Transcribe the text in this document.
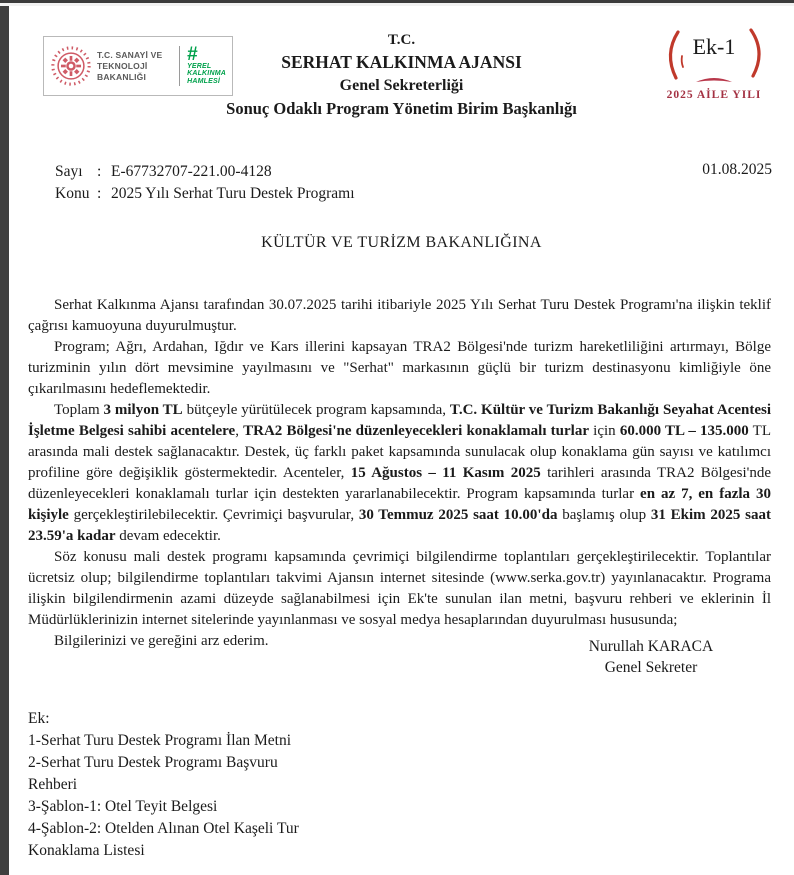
T.C. SANAYİ VE
TEKNOLOJİ BAKANLIĞI
#
YEREL
KALKINMA
HAMLESİ
T.C.
SERHAT KALKINMA AJANSI
Genel Sekreterliği
Sonuç Odaklı Program Yönetim Birim Başkanlığı
Ek-1
2025 AİLE YILI
Sayı : E-67732707-221.00-4128
Konu : 2025 Yılı Serhat Turu Destek Programı
01.08.2025
KÜLTÜR VE TURİZM BAKANLIĞINA

Serhat Kalkınma Ajansı tarafından 30.07.2025 tarihi itibariyle 2025 Yılı Serhat Turu Destek Programı'na ilişkin teklif çağrısı kamuoyuna duyurulmuştur.

Program; Ağrı, Ardahan, Iğdır ve Kars illerini kapsayan TRA2 Bölgesi'nde turizm hareketliliğini artırmayı, Bölge turizminin yılın dört mevsimine yayılmasını ve "Serhat" markasının güçlü bir turizm destinasyonu kimliğiyle öne çıkarılmasını hedeflemektedir.

Toplam 3 milyon TL bütçeyle yürütülecek program kapsamında, T.C. Kültür ve Turizm Bakanlığı Seyahat Acentesi İşletme Belgesi sahibi acentelere, TRA2 Bölgesi'ne düzenleyecekleri konaklamalı turlar için 60.000 TL – 135.000 TL arasında mali destek sağlanacaktır. Destek, üç farklı paket kapsamında sunulacak olup konaklama gün sayısı ve katılımcı profiline göre değişiklik göstermektedir. Acenteler, 15 Ağustos – 11 Kasım 2025 tarihleri arasında TRA2 Bölgesi'nde düzenleyecekleri konaklamalı turlar için destekten yararlanabilecektir. Program kapsamında turlar en az 7, en fazla 30 kişiyle gerçekleştirilebilecektir. Çevrimiçi başvurular, 30 Temmuz 2025 saat 10.00'da başlamış olup 31 Ekim 2025 saat 23.59'a kadar devam edecektir.

Söz konusu mali destek programı kapsamında çevrimiçi bilgilendirme toplantıları gerçekleştirilecektir. Toplantılar ücretsiz olup; bilgilendirme toplantıları takvimi Ajansın internet sitesinde (www.serka.gov.tr) yayınlanacaktır. Programa ilişkin bilgilendirmenin azami düzeyde sağlanabilmesi için Ek'te sunulan ilan metni, başvuru rehberi ve eklerinin İl Müdürlüklerinizin internet sitelerinde yayınlanması ve sosyal medya hesaplarından duyurulması hususunda;

Bilgilerinizi ve gereğini arz ederim.	Nurullah KARACA
Genel Sekreter
Ek:
1-Serhat Turu Destek Programı İlan Metni
2-Serhat Turu Destek Programı Başvuru
Rehberi
3-Şablon-1: Otel Teyit Belgesi
4-Şablon-2: Otelden Alınan Otel Kaşeli Tur
Konaklama Listesi
